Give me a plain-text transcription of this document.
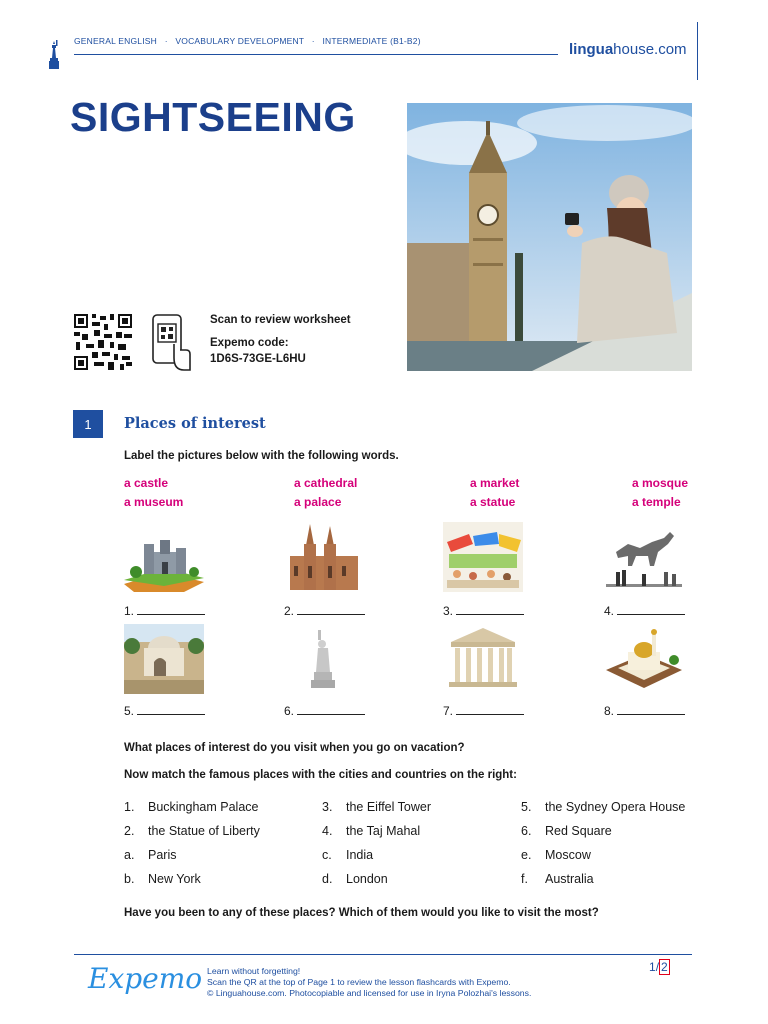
GENERAL ENGLISH · VOCABULARY DEVELOPMENT · INTERMEDIATE (B1-B2)	linguahouse.com
SIGHTSEEING
Scan to review worksheet
Expemo code:
1D6S-73GE-L6HU
1	Places of interest
Label the pictures below with the following words.
a castle	a cathedral	a market	a mosque
a museum	a palace	a statue	a temple
1.	2.	3.	4.
5.	6.	7.	8.
What places of interest do you visit when you go on vacation?
Now match the famous places with the cities and countries on the right:
1. Buckingham Palace	3. the Eiffel Tower	5. the Sydney Opera House
2. the Statue of Liberty	4. the Taj Mahal	6. Red Square
a. Paris	c. India	e. Moscow
b. New York	d. London	f. Australia
Have you been to any of these places? Which of them would you like to visit the most?
Expemo Learn without forgetting!
Scan the QR at the top of Page 1 to review the lesson flashcards with Expemo.
© Linguahouse.com. Photocopiable and licensed for use in Iryna Polozhai's lessons.
1/ 2
